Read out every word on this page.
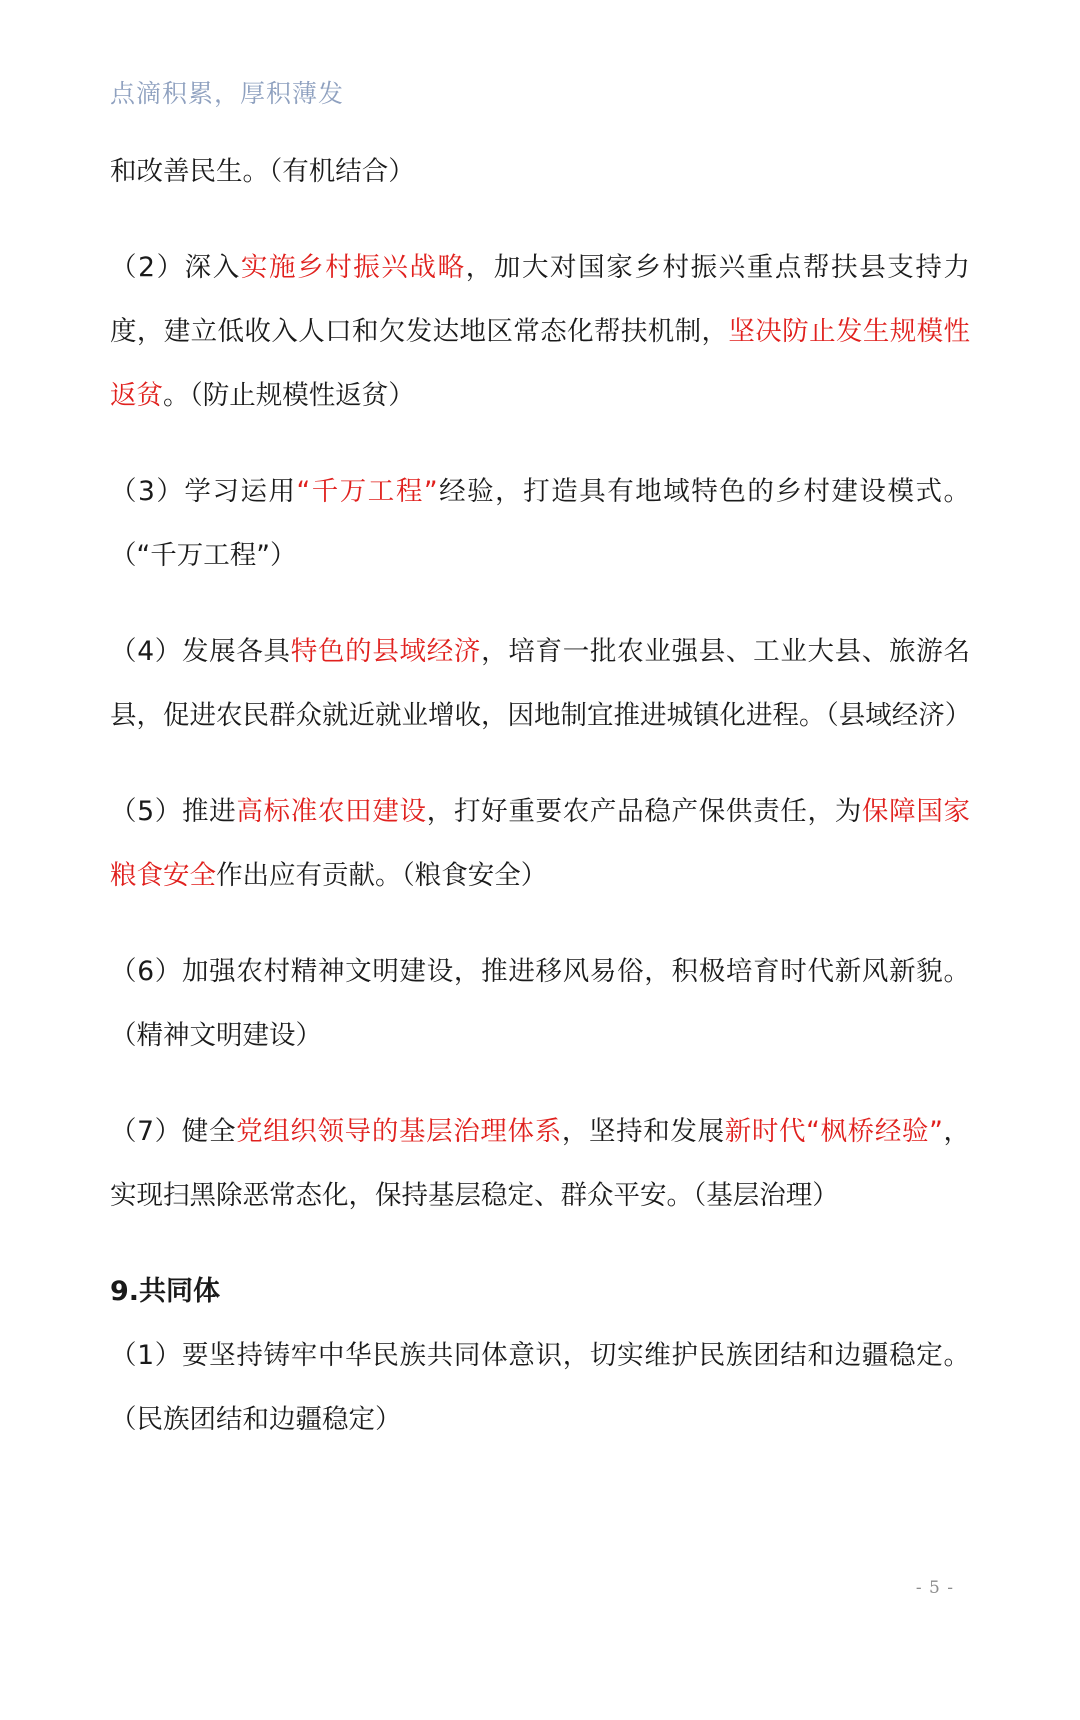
点滴积累，厚积薄发

和改善民生。（有机结合）

（2）深入实施乡村振兴战略，加大对国家乡村振兴重点帮扶县支持力度，建立低收入人口和欠发达地区常态化帮扶机制，坚决防止发生规模性返贫。（防止规模性返贫）

（3）学习运用“千万工程”经验，打造具有地域特色的乡村建设模式。（“千万工程”）

（4）发展各具特色的县域经济，培育一批农业强县、工业大县、旅游名县，促进农民群众就近就业增收，因地制宜推进城镇化进程。（县域经济）

（5）推进高标准农田建设，打好重要农产品稳产保供责任，为保障国家粮食安全作出应有贡献。（粮食安全）

（6）加强农村精神文明建设，推进移风易俗，积极培育时代新风新貌。（精神文明建设）

（7）健全党组织领导的基层治理体系，坚持和发展新时代“枫桥经验”，实现扫黑除恶常态化，保持基层稳定、群众平安。（基层治理）

9.共同体

（1）要坚持铸牢中华民族共同体意识，切实维护民族团结和边疆稳定。（民族团结和边疆稳定）

- 5 -
